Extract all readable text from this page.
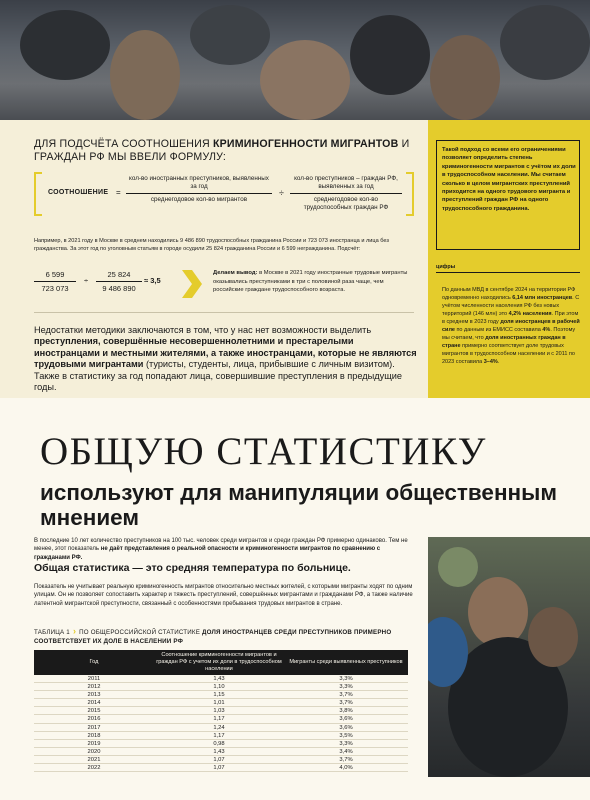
ДЛЯ ПОДСЧЁТА СООТНОШЕНИЯ КРИМИНОГЕННОСТИ МИГРАНТОВ И ГРАЖДАН РФ МЫ ВВЕЛИ ФОРМУЛУ:
СООТНОШЕНИЕ =
кол-во иностранных преступников, выявленных за год
среднегодовое кол-во мигрантов
÷
кол-во преступников – граждан РФ, выявленных за год
среднегодовое кол-во трудоспособных граждан РФ
Например, в 2021 году в Москве в среднем находились 9 486 890 трудоспособных гражданина России и 723 073 иностранца и лица без гражданства. За этот год по уголовным статьям в городе осудили 25 824 гражданина России и 6 599 негражданина. Подсчёт:
6 599
723 073
÷
25 824
9 486 890
≈ 3,5
Делаем вывод: в Москве в 2021 году иностранные трудовые мигранты оказывались преступниками в три с половиной раза чаще, чем российские граждане трудоспособного возраста.
Недостатки методики заключаются в том, что у нас нет возможности выделить преступления, совершённые несовершеннолетними и престарелыми иностранцами и местными жителями, а также иностранцами, которые не являются трудовыми мигрантами (туристы, студенты, лица, прибывшие с личным визитом). Также в статистику за год попадают лица, совершившие преступления в предыдущие годы.
Такой подход со всеми его ограничениями позволяет определить степень криминогенности мигрантов с учётом их доли в трудоспособном населении. Мы считаем сколько в целом мигрантских преступлений приходится на одного трудового мигранта и преступлений граждан РФ на одного трудоспособного гражданина.
цифры
По данным МВД в сентябре 2024 на территории РФ одновременно находились 6,14 млн иностранцев. С учётом численности населения РФ без новых территорий (146 млн) это 4,2% населения. При этом в среднем в 2023 году доля иностранцев в рабочей силе по данным из ЕМИСС составила 4%. Поэтому мы считаем, что доля иностранных граждан в стране примерно соответствует доле трудовых мигрантов в трудоспособном населении и с 2011 по 2023 составила 3–4%.
ОБЩУЮ СТАТИСТИКУ
используют для манипуляции общественным мнением
В последние 10 лет количество преступников на 100 тыс. человек среди мигрантов и среди граждан РФ примерно одинаково. Тем не менее, этот показатель не даёт представления о реальной опасности и криминогенности мигрантов по сравнению с гражданами РФ.
Общая статистика — это средняя температура по больнице.
Показатель не учитывает реальную криминогенность мигрантов относительно местных жителей, с которыми мигранты ходят по одним улицам. Он не позволяет сопоставить характер и тяжесть преступлений, совершённых мигрантами и гражданами РФ, а также наличие латентной мигрантской преступности, связанный с особенностями пребывания трудовых мигрантов в стране.
ТАБЛИЦА 1 › ПО ОБЩЕРОССИЙСКОЙ СТАТИСТИКЕ ДОЛЯ ИНОСТРАНЦЕВ СРЕДИ ПРЕСТУПНИКОВ ПРИМЕРНО СООТВЕТСТВУЕТ ИХ ДОЛЕ В НАСЕЛЕНИИ РФ
Год
Соотношение криминогенности мигрантов и граждан РФ с учетом их доли в трудоспособном населении
Мигранты среди выявленных преступников
2011	1,43	3,3%
2012	1,10	3,3%
2013	1,15	3,7%
2014	1,01	3,7%
2015	1,03	3,8%
2016	1,17	3,6%
2017	1,24	3,6%
2018	1,17	3,5%
2019	0,98	3,3%
2020	1,43	3,4%
2021	1,07	3,7%
2022	1,07	4,0%
